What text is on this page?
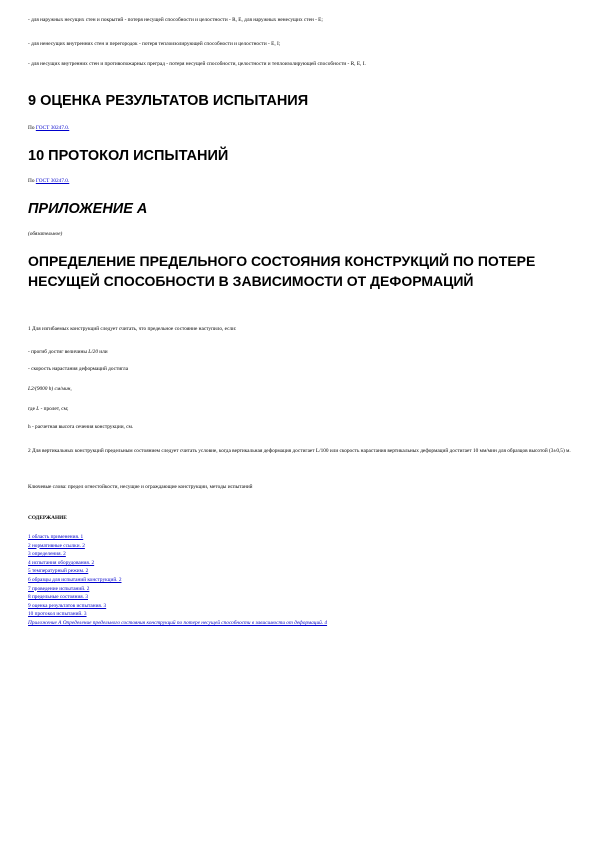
- для наружных несущих стен и покрытий - потеря несущей способности и целостности - R, E, для наружных ненесущих стен - E;
- для ненесущих внутренних стен и перегородок - потеря теплоизолирующей способности и целостности - E, I;
- для несущих внутренних стен и противопожарных преград - потеря несущей способности, целостности и теплоизолирующей способности - R, E, I.
9 ОЦЕНКА РЕЗУЛЬТАТОВ ИСПЫТАНИЯ
По ГОСТ 30247.0.
10 ПРОТОКОЛ ИСПЫТАНИЙ
По ГОСТ 30247.0.
ПРИЛОЖЕНИЕ А
(обязательное)
ОПРЕДЕЛЕНИЕ ПРЕДЕЛЬНОГО СОСТОЯНИЯ КОНСТРУКЦИЙ ПО ПОТЕРЕ НЕСУЩЕЙ СПОСОБНОСТИ В ЗАВИСИМОСТИ ОТ ДЕФОРМАЦИЙ
1 Для изгибаемых конструкций следует считать, что предельное состояние наступило, если:
- прогиб достиг величины L/20 или
- скорость нарастания деформаций достигла
L2/(9000 h) см/мин,
где L - пролет, см;
h - расчетная высота сечения конструкции, см.
2 Для вертикальных конструкций предельным состоянием следует считать условие, когда вертикальная деформация достигает L/100 или скорость нарастания вертикальных деформаций достигает 10 мм/мин для образцов высотой (3±0,5) м.
Ключевые слова: предел огнестойкости, несущие и ограждающие конструкции, методы испытаний
СОДЕРЖАНИЕ
1 область применения. 1
2 нормативные ссылки. 2
3 определения. 2
4 испытания оборудования. 2
5 температурный режим. 2
6 образцы для испытаний конструкций. 2
7 проведение испытаний. 2
8 предельные состояния. 3
9 оценка результатов испытания. 3
10 протокол испытаний. 3
Приложение А Определение предельного состояния конструкций по потере несущей способности в зависимости от деформаций. 4
